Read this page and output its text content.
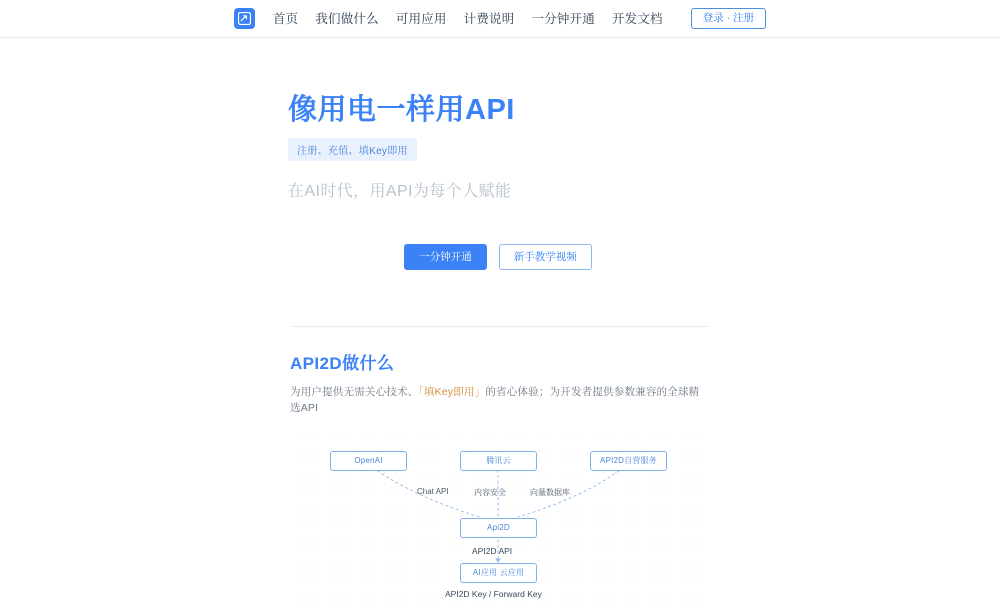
首页 我们做什么 可用应用 计费说明 一分钟开通 开发文档	登录 · 注册
像用电一样用API
注册、充值、填Key即用
在AI时代，用API为每个人赋能
一分钟开通	新手教学视频
API2D做什么
为用户提供无需关心技术、「填Key即用」的省心体验；为开发者提供参数兼容的全球精选API
OpenAI	腾讯云	API2D自营服务
Chat API	内容安全	向量数据库
Api2D
API2D API
AI应用 云应用
API2D Key / Forward Key
